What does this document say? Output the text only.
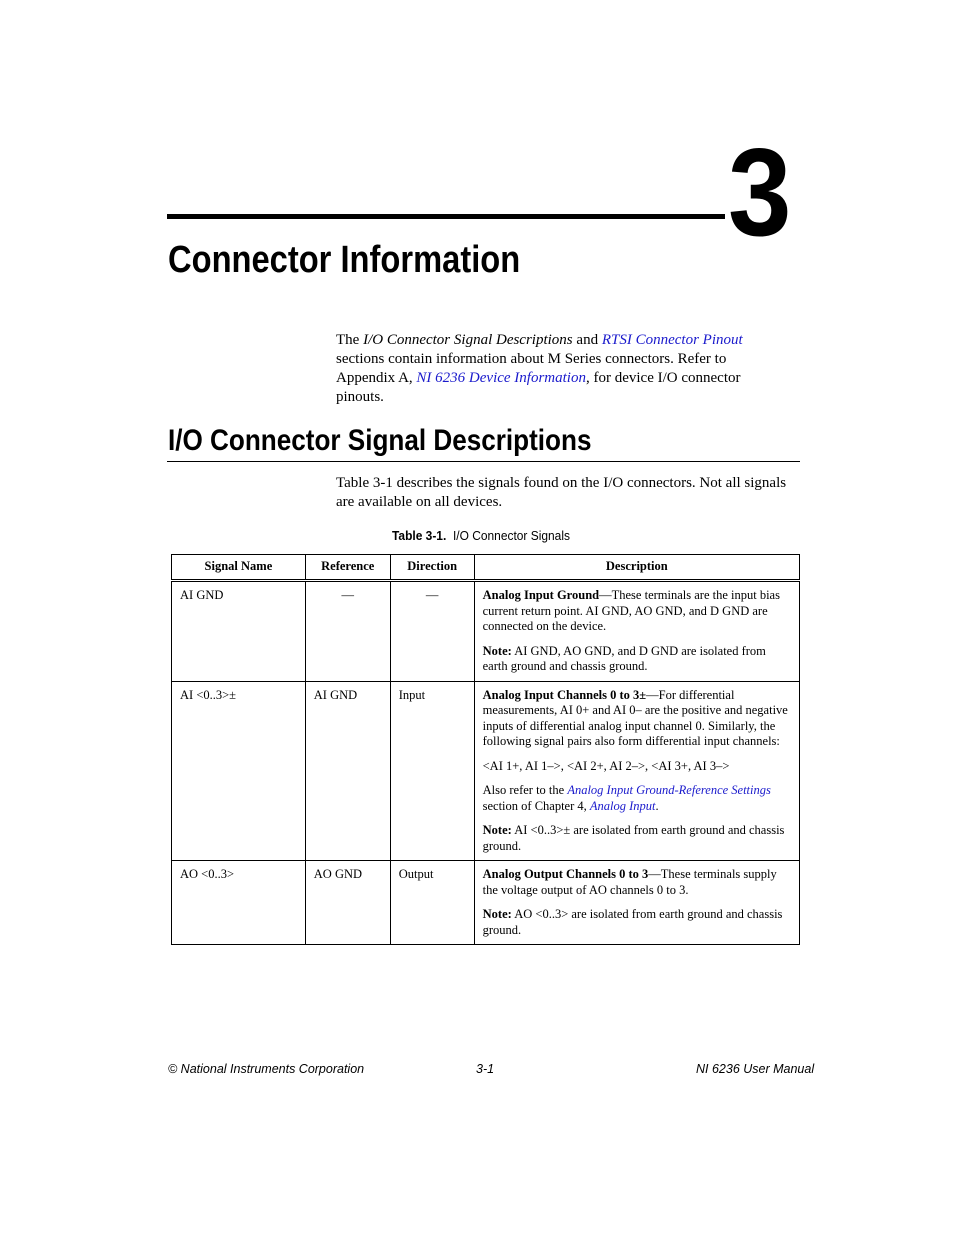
3
Connector Information
The I/O Connector Signal Descriptions and RTSI Connector Pinout sections contain information about M Series connectors. Refer to Appendix A, NI 6236 Device Information, for device I/O connector pinouts.
I/O Connector Signal Descriptions
Table 3-1 describes the signals found on the I/O connectors. Not all signals are available on all devices.
Table 3-1. I/O Connector Signals
Signal Name	Reference	Direction	Description
AI GND	—	—	Analog Input Ground—These terminals are the input bias current return point. AI GND, AO GND, and D GND are connected on the device.

Note: AI GND, AO GND, and D GND are isolated from earth ground and chassis ground.

AI <0..3>±	AI GND	Input	Analog Input Channels 0 to 3±—For differential measurements, AI 0+ and AI 0– are the positive and negative inputs of differential analog input channel 0. Similarly, the following signal pairs also form differential input channels:

<AI 1+, AI 1–>, <AI 2+, AI 2–>, <AI 3+, AI 3–>

Also refer to the Analog Input Ground-Reference Settings section of Chapter 4, Analog Input.

Note: AI <0..3>± are isolated from earth ground and chassis ground.

AO <0..3>	AO GND	Output	Analog Output Channels 0 to 3—These terminals supply the voltage output of AO channels 0 to 3.

Note: AO <0..3> are isolated from earth ground and chassis ground.

© National Instruments Corporation	3-1	NI 6236 User Manual
